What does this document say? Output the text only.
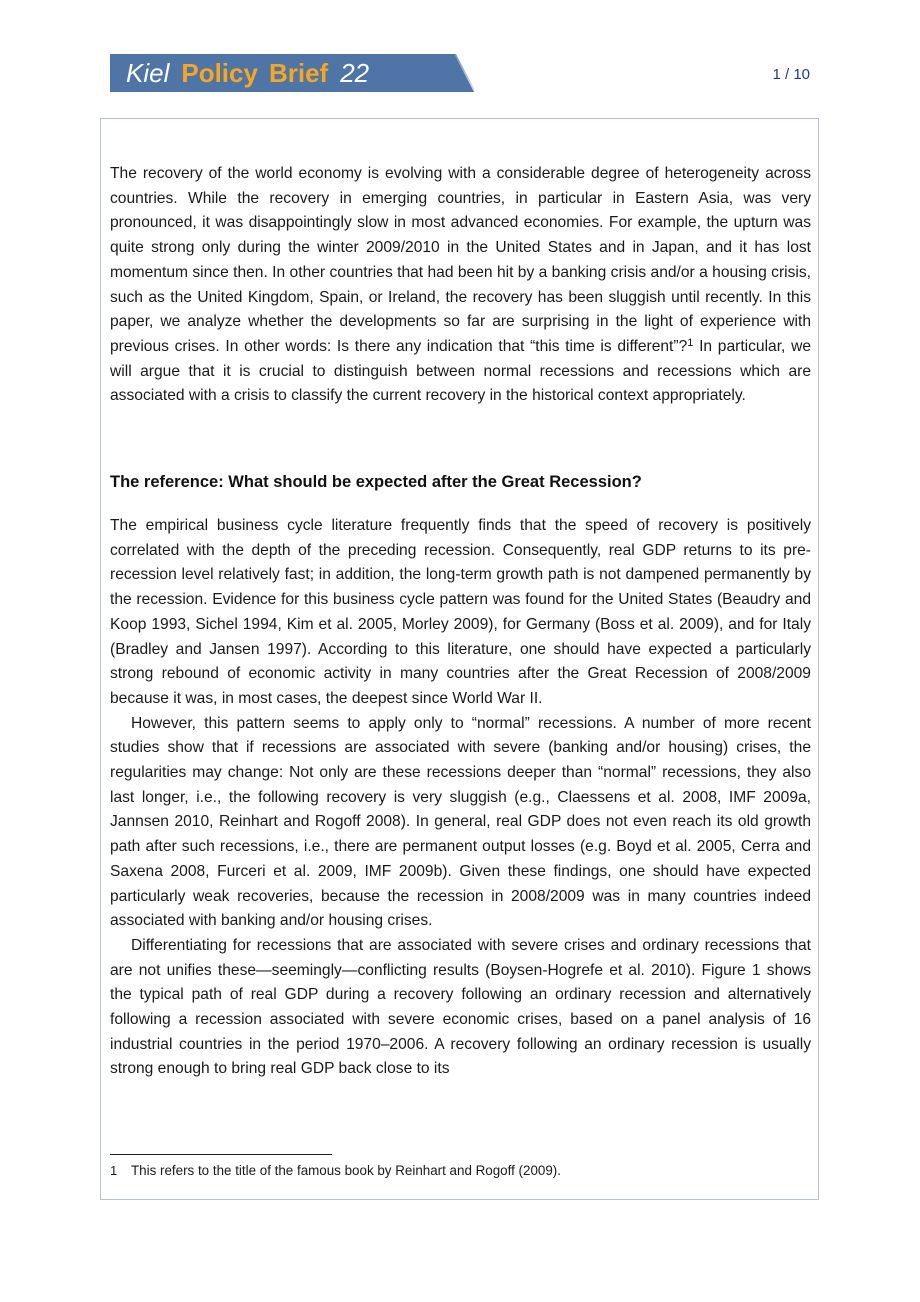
Kiel Policy Brief 22	1 / 10

The recovery of the world economy is evolving with a considerable degree of heterogeneity across countries. While the recovery in emerging countries, in particular in Eastern Asia, was very pronounced, it was disappointingly slow in most advanced economies. For example, the upturn was quite strong only during the winter 2009/2010 in the United States and in Japan, and it has lost momentum since then. In other countries that had been hit by a banking crisis and/or a housing crisis, such as the United Kingdom, Spain, or Ireland, the recovery has been sluggish until recently. In this paper, we analyze whether the developments so far are surprising in the light of experience with previous crises. In other words: Is there any indication that “this time is different”?$^1$ In particular, we will argue that it is crucial to distinguish between normal recessions and recessions which are associated with a crisis to classify the current recovery in the historical context appropriately.

The reference: What should be expected after the Great Recession?

The empirical business cycle literature frequently finds that the speed of recovery is positively correlated with the depth of the preceding recession. Consequently, real GDP returns to its pre-recession level relatively fast; in addition, the long-term growth path is not dampened permanently by the recession. Evidence for this business cycle pattern was found for the United States (Beaudry and Koop 1993, Sichel 1994, Kim et al. 2005, Morley 2009), for Germany (Boss et al. 2009), and for Italy (Bradley and Jansen 1997). According to this literature, one should have expected a particularly strong rebound of economic activity in many countries after the Great Recession of 2008/2009 because it was, in most cases, the deepest since World War II.

However, this pattern seems to apply only to “normal” recessions. A number of more recent studies show that if recessions are associated with severe (banking and/or housing) crises, the regularities may change: Not only are these recessions deeper than “normal” recessions, they also last longer, i.e., the following recovery is very sluggish (e.g., Claessens et al. 2008, IMF 2009a, Jannsen 2010, Reinhart and Rogoff 2008). In general, real GDP does not even reach its old growth path after such recessions, i.e., there are permanent output losses (e.g. Boyd et al. 2005, Cerra and Saxena 2008, Furceri et al. 2009, IMF 2009b). Given these findings, one should have expected particularly weak recoveries, because the recession in 2008/2009 was in many countries indeed associated with banking and/or housing crises.

Differentiating for recessions that are associated with severe crises and ordinary recessions that are not unifies these—seemingly—conflicting results (Boysen-Hogrefe et al. 2010). Figure 1 shows the typical path of real GDP during a recovery following an ordinary recession and alternatively following a recession associated with severe economic crises, based on a panel analysis of 16 industrial countries in the period 1970–2006. A recovery following an ordinary recession is usually strong enough to bring real GDP back close to its

1 This refers to the title of the famous book by Reinhart and Rogoff (2009).
